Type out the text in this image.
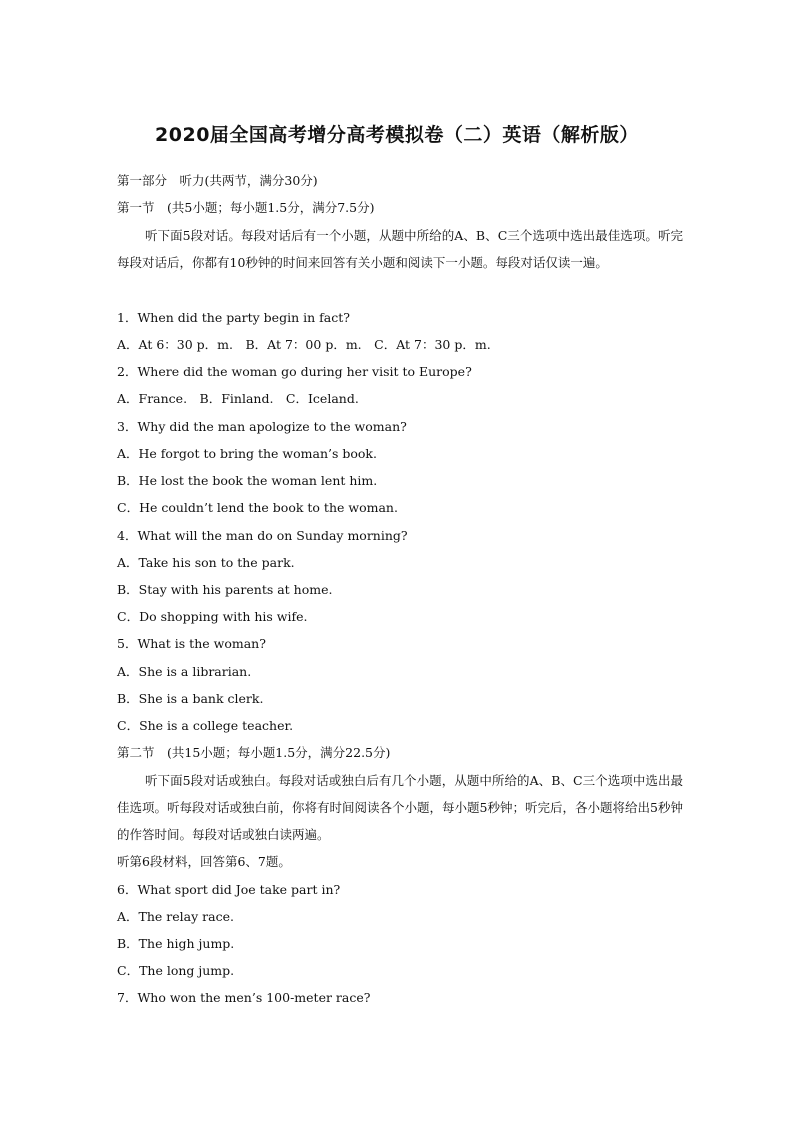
2020届全国高考增分高考模拟卷（二）英语（解析版）
第一部分　听力(共两节，满分30分)
第一节　(共5小题；每小题1.5分，满分7.5分)
听下面5段对话。每段对话后有一个小题，从题中所给的A、B、C三个选项中选出最佳选项。听完每段对话后，你都有10秒钟的时间来回答有关小题和阅读下一小题。每段对话仅读一遍。
1．When did the party begin in fact?
A．At 6：30 p．m.　B．At 7：00 p．m.　C．At 7：30 p．m.
2．Where did the woman go during her visit to Europe?
A．France.　B．Finland.　C．Iceland.
3．Why did the man apologize to the woman?
A．He forgot to bring the woman’s book.
B．He lost the book the woman lent him.
C．He couldn’t lend the book to the woman.
4．What will the man do on Sunday morning?
A．Take his son to the park.
B．Stay with his parents at home.
C．Do shopping with his wife.
5．What is the woman?
A．She is a librarian.
B．She is a bank clerk.
C．She is a college teacher.
第二节　(共15小题；每小题1.5分，满分22.5分)
听下面5段对话或独白。每段对话或独白后有几个小题，从题中所给的A、B、C三个选项中选出最佳选项。听每段对话或独白前，你将有时间阅读各个小题，每小题5秒钟；听完后，各小题将给出5秒钟的作答时间。每段对话或独白读两遍。
听第6段材料，回答第6、7题。
6．What sport did Joe take part in?
A．The relay race.
B．The high jump.
C．The long jump.
7．Who won the men’s 100-meter race?
